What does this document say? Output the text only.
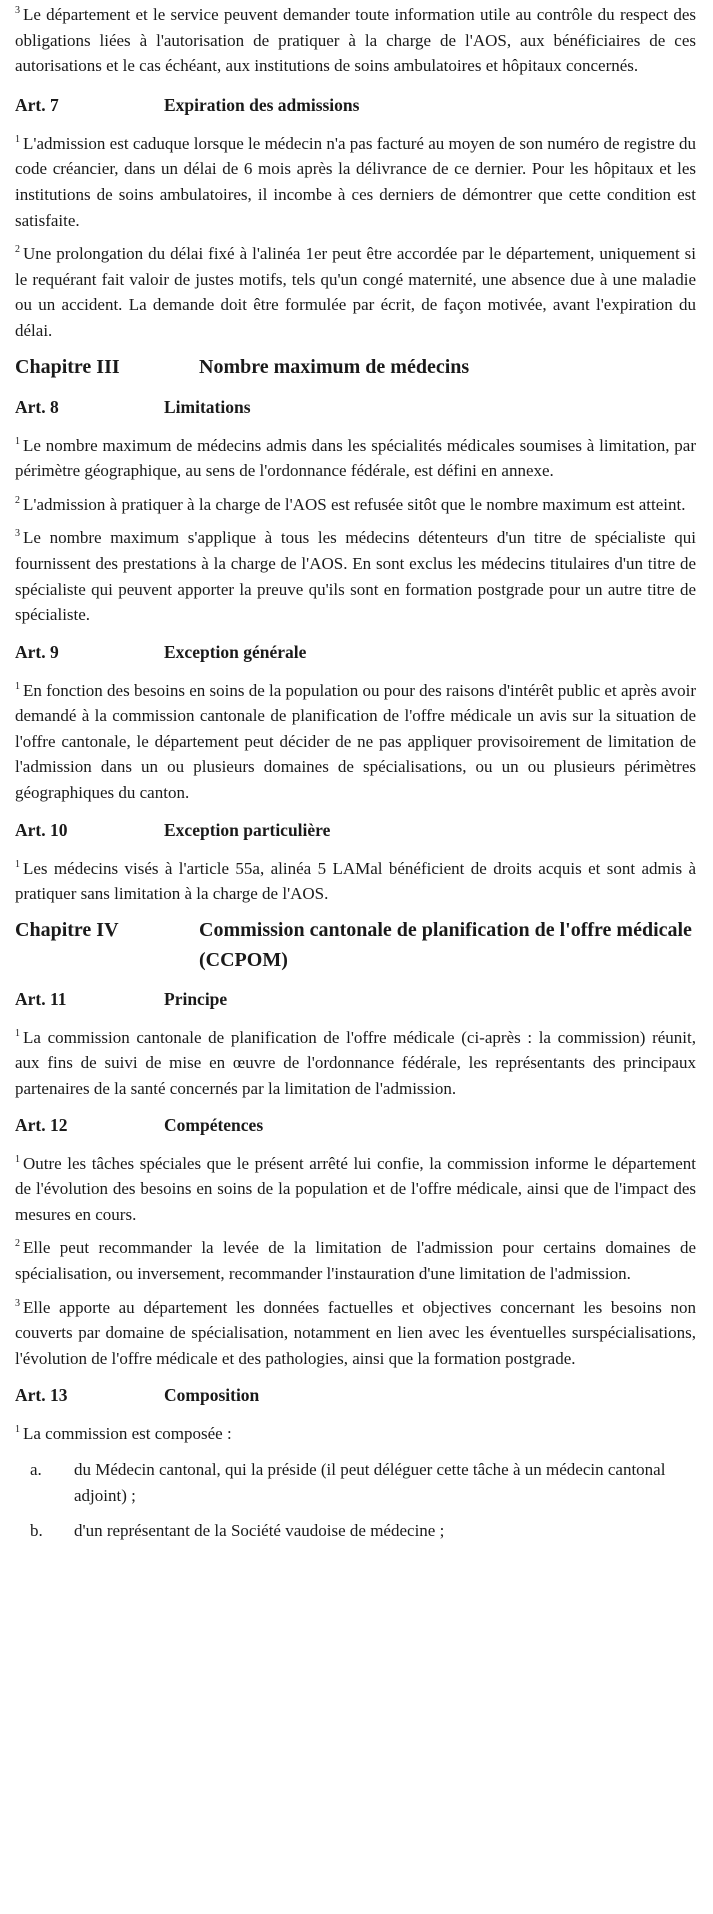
$^3$ Le département et le service peuvent demander toute information utile au contrôle du respect des obligations liées à l'autorisation de pratiquer à la charge de l'AOS, aux bénéficiaires de ces autorisations et le cas échéant, aux institutions de soins ambulatoires et hôpitaux concernés.

Art. 7	Expiration des admissions

$^1$ L'admission est caduque lorsque le médecin n'a pas facturé au moyen de son numéro de registre du code créancier, dans un délai de 6 mois après la délivrance de ce dernier. Pour les hôpitaux et les institutions de soins ambulatoires, il incombe à ces derniers de démontrer que cette condition est satisfaite.

$^2$ Une prolongation du délai fixé à l'alinéa 1er peut être accordée par le département, uniquement si le requérant fait valoir de justes motifs, tels qu'un congé maternité, une absence due à une maladie ou un accident. La demande doit être formulée par écrit, de façon motivée, avant l'expiration du délai.

Chapitre III	Nombre maximum de médecins
Art. 8	Limitations

$^1$ Le nombre maximum de médecins admis dans les spécialités médicales soumises à limitation, par périmètre géographique, au sens de l'ordonnance fédérale, est défini en annexe.

$^2$ L'admission à pratiquer à la charge de l'AOS est refusée sitôt que le nombre maximum est atteint.

$^3$ Le nombre maximum s'applique à tous les médecins détenteurs d'un titre de spécialiste qui fournissent des prestations à la charge de l'AOS. En sont exclus les médecins titulaires d'un titre de spécialiste qui peuvent apporter la preuve qu'ils sont en formation postgrade pour un autre titre de spécialiste.

Art. 9	Exception générale

$^1$ En fonction des besoins en soins de la population ou pour des raisons d'intérêt public et après avoir demandé à la commission cantonale de planification de l'offre médicale un avis sur la situation de l'offre cantonale, le département peut décider de ne pas appliquer provisoirement de limitation de l'admission dans un ou plusieurs domaines de spécialisations, ou un ou plusieurs périmètres géographiques du canton.

Art. 10	Exception particulière

$^1$ Les médecins visés à l'article 55a, alinéa 5 LAMal bénéficient de droits acquis et sont admis à pratiquer sans limitation à la charge de l'AOS.

Chapitre IV	Commission cantonale de planification de l'offre médicale (CCPOM)
Art. 11	Principe

$^1$ La commission cantonale de planification de l'offre médicale (ci-après : la commission) réunit, aux fins de suivi de mise en œuvre de l'ordonnance fédérale, les représentants des principaux partenaires de la santé concernés par la limitation de l'admission.

Art. 12	Compétences

$^1$ Outre les tâches spéciales que le présent arrêté lui confie, la commission informe le département de l'évolution des besoins en soins de la population et de l'offre médicale, ainsi que de l'impact des mesures en cours.

$^2$ Elle peut recommander la levée de la limitation de l'admission pour certains domaines de spécialisation, ou inversement, recommander l'instauration d'une limitation de l'admission.

$^3$ Elle apporte au département les données factuelles et objectives concernant les besoins non couverts par domaine de spécialisation, notamment en lien avec les éventuelles surspécialisations, l'évolution de l'offre médicale et des pathologies, ainsi que la formation postgrade.

Art. 13	Composition

$^1$ La commission est composée :

a.	du Médecin cantonal, qui la préside (il peut déléguer cette tâche à un médecin cantonal adjoint) ;
b.	d'un représentant de la Société vaudoise de médecine ;
